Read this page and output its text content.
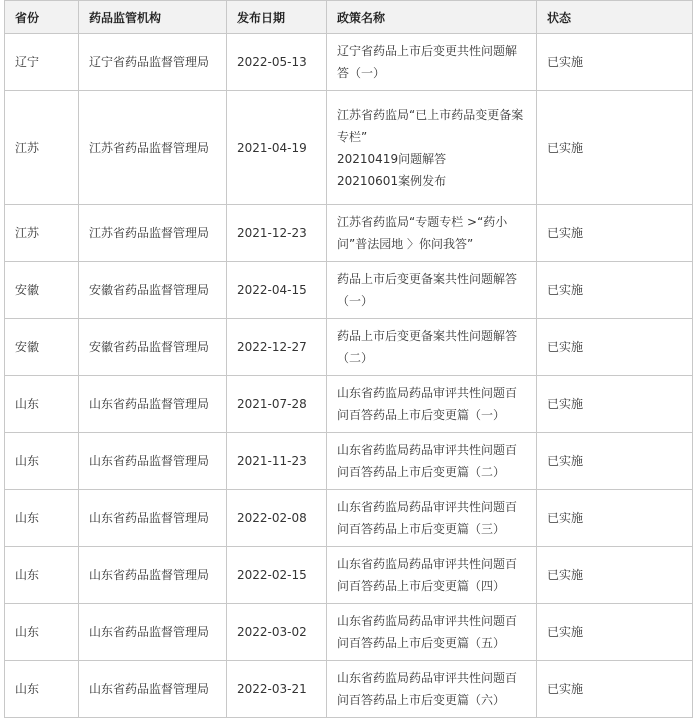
省份	药品监管机构	发布日期	政策名称	状态
辽宁	辽宁省药品监督管理局	2022-05-13	辽宁省药品上市后变更共性问题解答（一）	已实施
江苏	江苏省药品监督管理局	2021-04-19	江苏省药监局“已上市药品变更备案专栏”
20210419问题解答
20210601案例发布	已实施
江苏	江苏省药品监督管理局	2021-12-23	江苏省药监局“专题专栏 >“药小问”普法园地 〉你问我答”	已实施
安徽	安徽省药品监督管理局	2022-04-15	药品上市后变更备案共性问题解答（一）	已实施
安徽	安徽省药品监督管理局	2022-12-27	药品上市后变更备案共性问题解答（二）	已实施
山东	山东省药品监督管理局	2021-07-28	山东省药监局药品审评共性问题百问百答药品上市后变更篇（一）	已实施
山东	山东省药品监督管理局	2021-11-23	山东省药监局药品审评共性问题百问百答药品上市后变更篇（二）	已实施
山东	山东省药品监督管理局	2022-02-08	山东省药监局药品审评共性问题百问百答药品上市后变更篇（三）	已实施
山东	山东省药品监督管理局	2022-02-15	山东省药监局药品审评共性问题百问百答药品上市后变更篇（四）	已实施
山东	山东省药品监督管理局	2022-03-02	山东省药监局药品审评共性问题百问百答药品上市后变更篇（五）	已实施
山东	山东省药品监督管理局	2022-03-21	山东省药监局药品审评共性问题百问百答药品上市后变更篇（六）	已实施
